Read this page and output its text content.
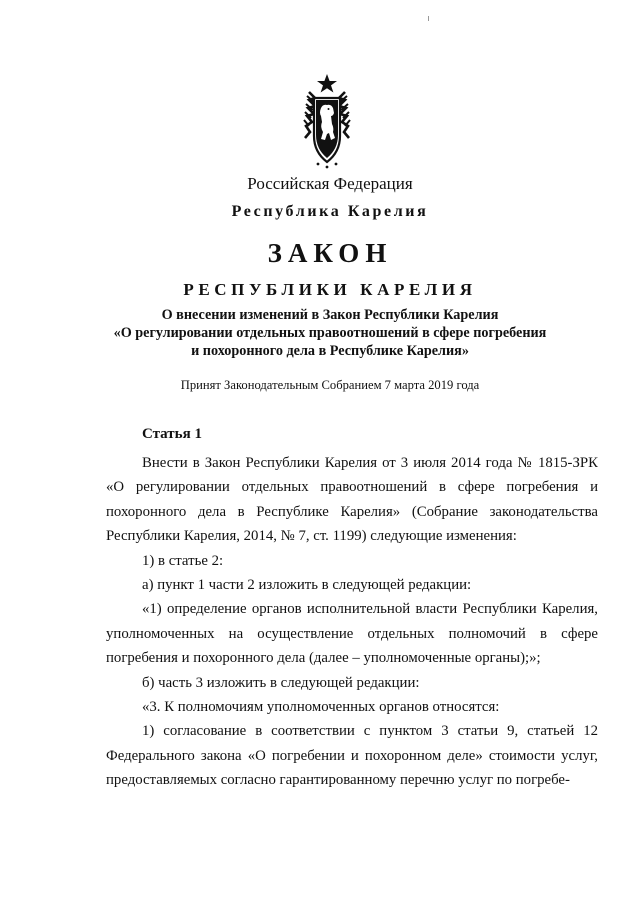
Российская Федерация
Республика Карелия
ЗАКОН
РЕСПУБЛИКИ КАРЕЛИЯ
О внесении изменений в Закон Республики Карелия
«О регулировании отдельных правоотношений в сфере погребения
и похоронного дела в Республике Карелия»
Принят Законодательным Собранием 7 марта 2019 года
Статья 1

Внести в Закон Республики Карелия от 3 июля 2014 года № 1815-ЗРК «О регулировании отдельных правоотношений в сфере погребения и похоронного дела в Республике Карелия» (Собрание законодательства Республики Карелия, 2014, № 7, ст. 1199) следующие изменения:

1) в статье 2:

а) пункт 1 части 2 изложить в следующей редакции:

«1) определение органов исполнительной власти Республики Карелия, уполномоченных на осуществление отдельных полномочий в сфере погребения и похоронного дела (далее – уполномоченные органы);»;

б) часть 3 изложить в следующей редакции:

«3. К полномочиям уполномоченных органов относятся:

1) согласование в соответствии с пунктом 3 статьи 9, статьей 12 Федерального закона «О погребении и похоронном деле» стоимости услуг, предоставляемых согласно гарантированному перечню услуг по погребе-
